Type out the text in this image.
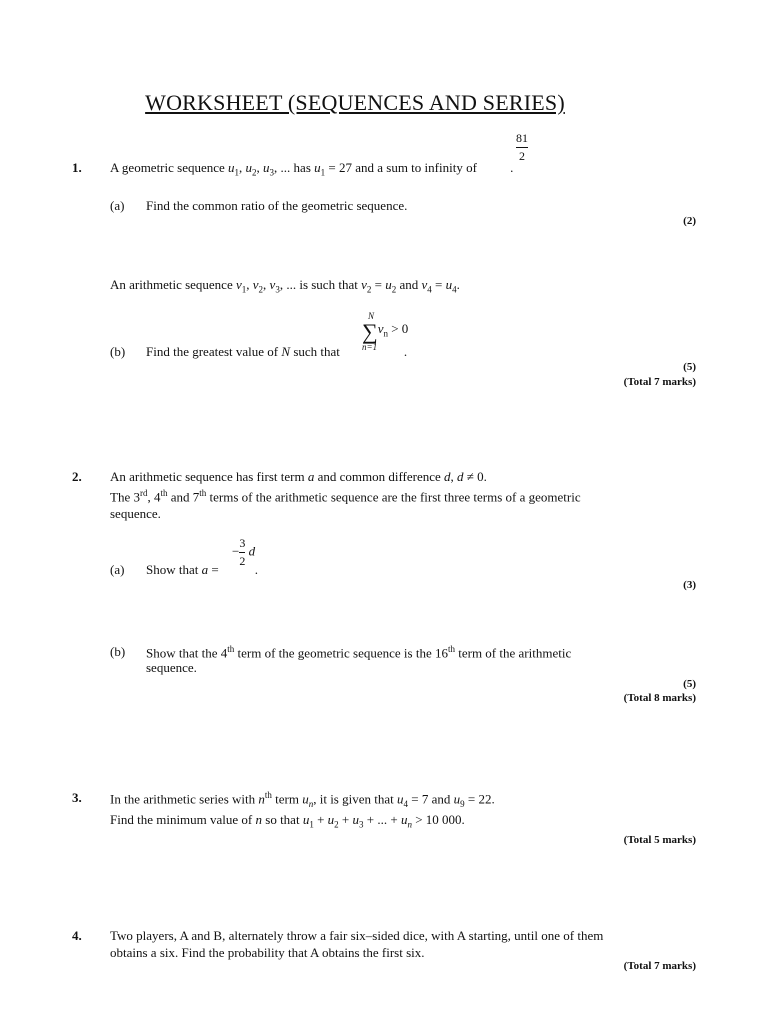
WORKSHEET (SEQUENCES AND SERIES)
1.
$\frac{81}{2}$
A geometric sequence $u_1$, $u_2$, $u_3$, ... has $u_1 = 27$ and a sum to infinity of .
(a) Find the common ratio of the geometric sequence.
(2)
An arithmetic sequence $v_1$, $v_2$, $v_3$, ... is such that $v_2 = u_2$ and $v_4 = u_4$.
N
$\sum v_n > 0$
n=1
(b) Find the greatest value of N such that	.
(5)
(Total 7 marks)
2. An arithmetic sequence has first term a and common difference d, d ≠ 0.
The 3rd, 4th and 7th terms of the arithmetic sequence are the first three terms of a geometric
sequence.
− $\frac{3}{2}$ d
(a) Show that a =	.
(3)
(b) Show that the 4th term of the geometric sequence is the 16th term of the arithmetic
sequence.
(5)
(Total 8 marks)
3. In the arithmetic series with $n^{th}$ term $u_n$, it is given that $u_4 = 7$ and $u_9 = 22$.
Find the minimum value of n so that $u_1 + u_2 + u_3$ + ... + $u_n > 10$ 000.
(Total 5 marks)
4. Two players, A and B, alternately throw a fair six–sided dice, with A starting, until one of them
obtains a six. Find the probability that A obtains the first six.
(Total 7 marks)
